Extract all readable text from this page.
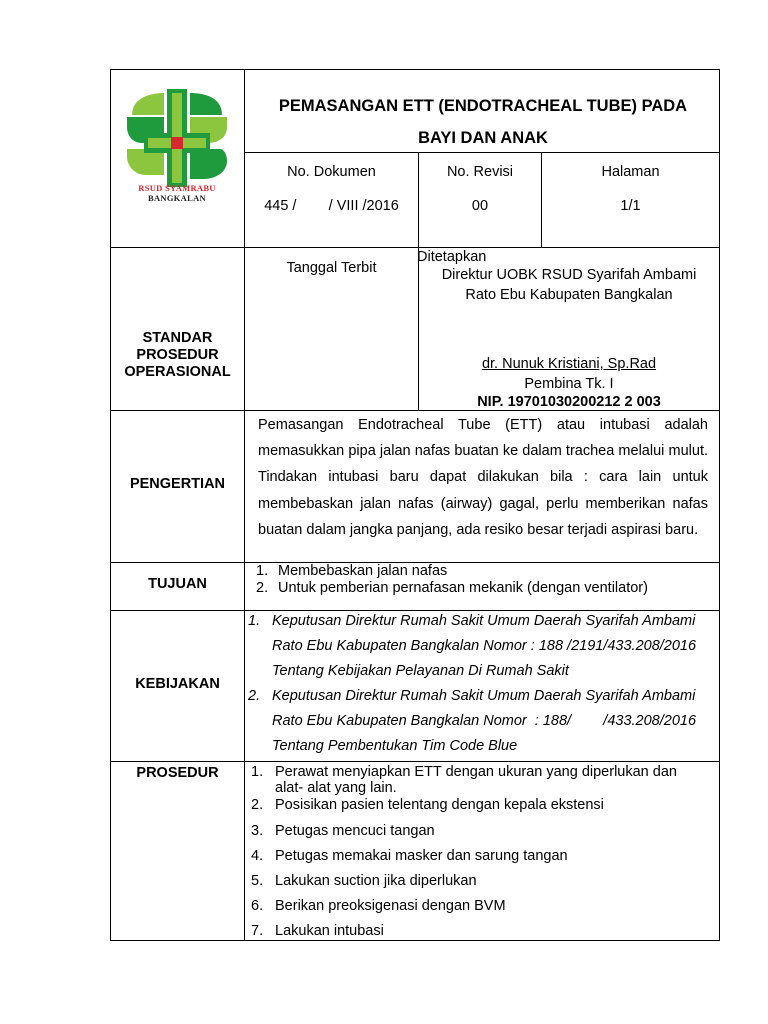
RSUD SYAMRABU
BANGKALAN
PEMASANGAN ETT (ENDOTRACHEAL TUBE) PADA
BAYI DAN ANAK
No. Dokumen
445 /        / VIII /2016
No. Revisi
00
Halaman
1/1
STANDAR
PROSEDUR
OPERASIONAL
Tanggal Terbit
Ditetapkan
Direktur UOBK RSUD Syarifah Ambami
Rato Ebu Kabupaten Bangkalan
dr. Nunuk Kristiani, Sp.Rad
Pembina Tk. I
NIP. 19701030200212 2 003
PENGERTIAN
Pemasangan Endotracheal Tube (ETT) atau intubasi adalah memasukkan pipa jalan nafas buatan ke dalam trachea melalui mulut. Tindakan intubasi baru dapat dilakukan bila : cara lain untuk membebaskan jalan nafas (airway) gagal, perlu memberikan nafas buatan dalam jangka panjang, ada resiko besar terjadi aspirasi baru.
TUJUAN
1. Membebaskan jalan nafas
2. Untuk pemberian pernafasan mekanik (dengan ventilator)
KEBIJAKAN
1. Keputusan Direktur Rumah Sakit Umum Daerah Syarifah Ambami
Rato Ebu Kabupaten Bangkalan Nomor : 188 /2191/433.208/2016
Tentang Kebijakan Pelayanan Di Rumah Sakit
2. Keputusan Direktur Rumah Sakit Umum Daerah Syarifah Ambami
Rato Ebu Kabupaten Bangkalan Nomor  : 188/        /433.208/2016
Tentang Pembentukan Tim Code Blue
PROSEDUR	1. Perawat menyiapkan ETT dengan ukuran yang diperlukan dan
alat- alat yang lain.
2. Posisikan pasien telentang dengan kepala ekstensi
3. Petugas mencuci tangan
4. Petugas memakai masker dan sarung tangan
5. Lakukan suction jika diperlukan
6. Berikan preoksigenasi dengan BVM
7. Lakukan intubasi
